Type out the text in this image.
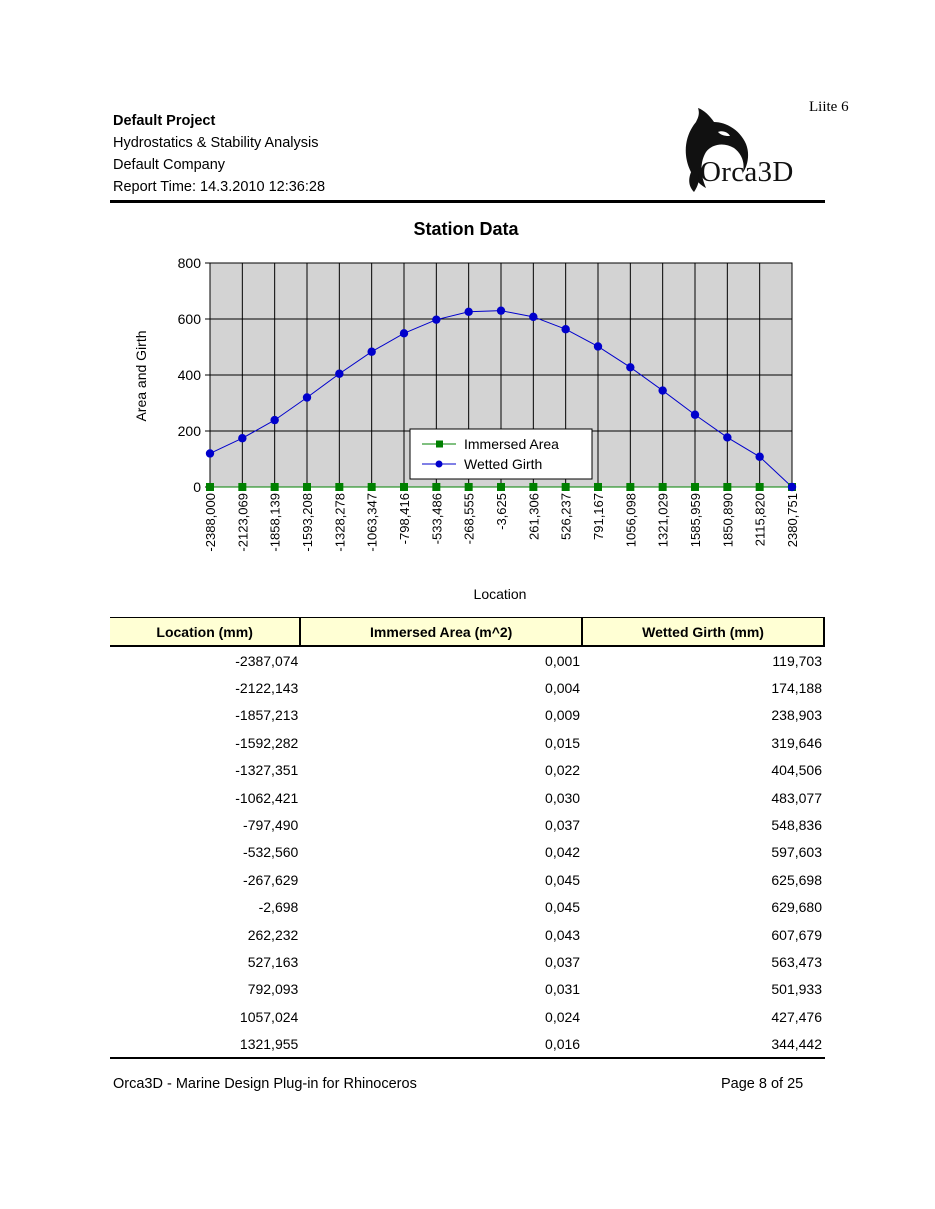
Liite 6
Default Project
Hydrostatics & Stability Analysis
Default Company
Report Time: 14.3.2010 12:36:28	Orca3D
Station Data
Area and Girth
Location
0
200
400
600
800
-2388,000 -2123,069 -1858,139 -1593,208 -1328,278 -1063,347 -798,416 -533,486 -268,555 -3,625 261,306 526,237 791,167 1056,098 1321,029 1585,959 1850,890 2115,820 2380,751
Immersed Area
Wetted Girth
Location (mm)	Immersed Area (m^2)	Wetted Girth (mm)
-2387,074	0,001	119,703
-2122,143	0,004	174,188
-1857,213	0,009	238,903
-1592,282	0,015	319,646
-1327,351	0,022	404,506
-1062,421	0,030	483,077
-797,490	0,037	548,836
-532,560	0,042	597,603
-267,629	0,045	625,698
-2,698	0,045	629,680
262,232	0,043	607,679
527,163	0,037	563,473
792,093	0,031	501,933
1057,024	0,024	427,476
1321,955	0,016	344,442
Orca3D - Marine Design Plug-in for Rhinoceros	Page 8 of 25
